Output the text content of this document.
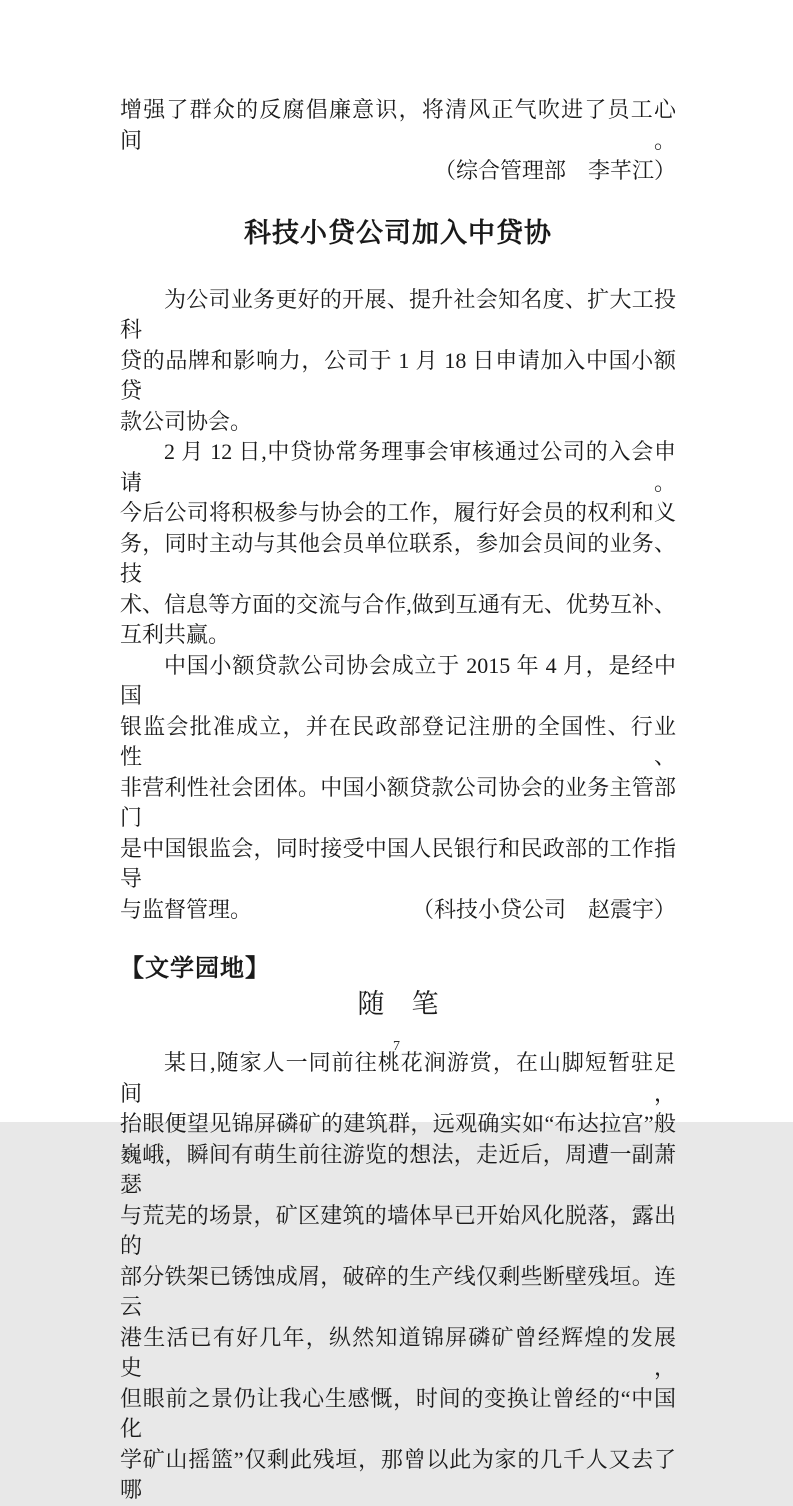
增强了群众的反腐倡廉意识，将清风正气吹进了员工心间。

（综合管理部　李芊江）

科技小贷公司加入中贷协

为公司业务更好的开展、提升社会知名度、扩大工投科

贷的品牌和影响力，公司于 1 月 18 日申请加入中国小额贷

款公司协会。

2 月 12 日,中贷协常务理事会审核通过公司的入会申请。

今后公司将积极参与协会的工作，履行好会员的权利和义

务，同时主动与其他会员单位联系，参加会员间的业务、技

术、信息等方面的交流与合作,做到互通有无、优势互补、

互利共赢。

中国小额贷款公司协会成立于 2015 年 4 月，是经中国

银监会批准成立，并在民政部登记注册的全国性、行业性、

非营利性社会团体。中国小额贷款公司协会的业务主管部门

是中国银监会，同时接受中国人民银行和民政部的工作指导

与监督管理。	（科技小贷公司　赵震宇）
【文学园地】
随　笔

某日,随家人一同前往桃花涧游赏，在山脚短暂驻足间，

抬眼便望见锦屏磷矿的建筑群，远观确实如“布达拉宫”般

巍峨，瞬间有萌生前往游览的想法，走近后，周遭一副萧瑟

与荒芜的场景，矿区建筑的墙体早已开始风化脱落，露出的

部分铁架已锈蚀成屑，破碎的生产线仅剩些断壁残垣。连云

港生活已有好几年，纵然知道锦屏磷矿曾经辉煌的发展史，

但眼前之景仍让我心生感慨，时间的变换让曾经的“中国化

学矿山摇篮”仅剩此残垣，那曾以此为家的几千人又去了哪

7
